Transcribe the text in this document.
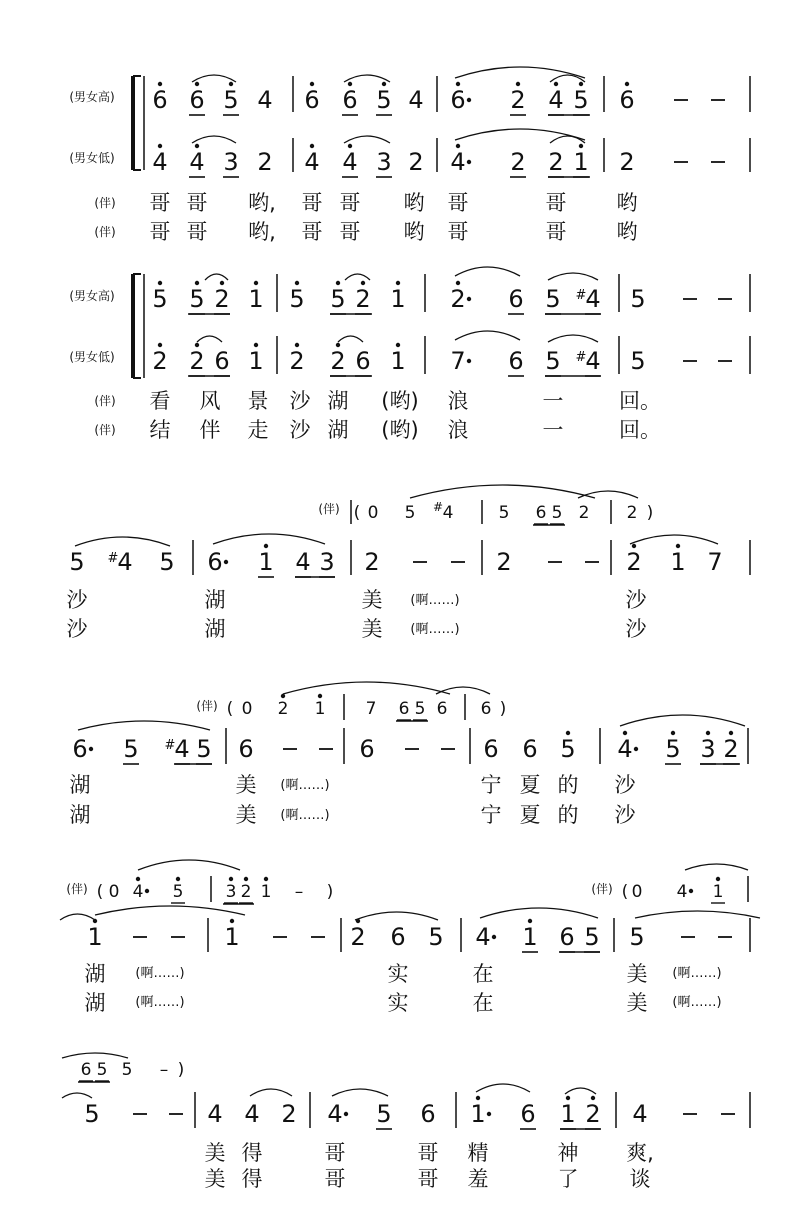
(男女高)
(男女低)
6 6 5 4 6 6 5 4 6 2 4 5 6
4 4 3 2 4 4 3 2 4 2 2 1 2
(伴)
(伴)
哥 哥 哟, 哥 哥 哟 哥	哥 哟
哥 哥 哟, 哥 哥 哟 哥	哥 哟
(男女高)
(男女低)
5 5 2 1 5 5 2 1 2 6 5 4
# 5
2 2 6 1 2 2 6 1 7 6 5 4
# 5
(伴)
(伴)
看 风 景 沙 湖 (哟) 浪	一	回。
结 伴 走 沙 湖 (哟) 浪	一	回。
(伴) ( 0 5 4
#	5 6 5 2 2 )
5 4
# 5 6 1 4 3 2	2	2 1 7
沙	湖	美	沙
(啊……)
沙	湖	美	沙
(啊……)
(伴) ( 0 2 1 7 6 5 6 6 )
6 5 4
# 5 6	6	6 6 5 4 5 3 2
湖	美	宁 夏 的 沙
(啊……)
湖	美	宁 夏 的 沙
(啊……)
(伴) ( 0 4 5 3 2 1 – )	(伴) ( 0 4 1
1	1	2 6 5 4 1 6 5 5
湖	实	在	美
(啊……)	(啊……)
湖	实	在	美
(啊……)	(啊……)
6 5 5 – )
5	4 4 2 4 5 6 1 6 1 2 4
美 得	哥	哥 精	神 爽,
美 得	哥	哥 羞	了 谈
